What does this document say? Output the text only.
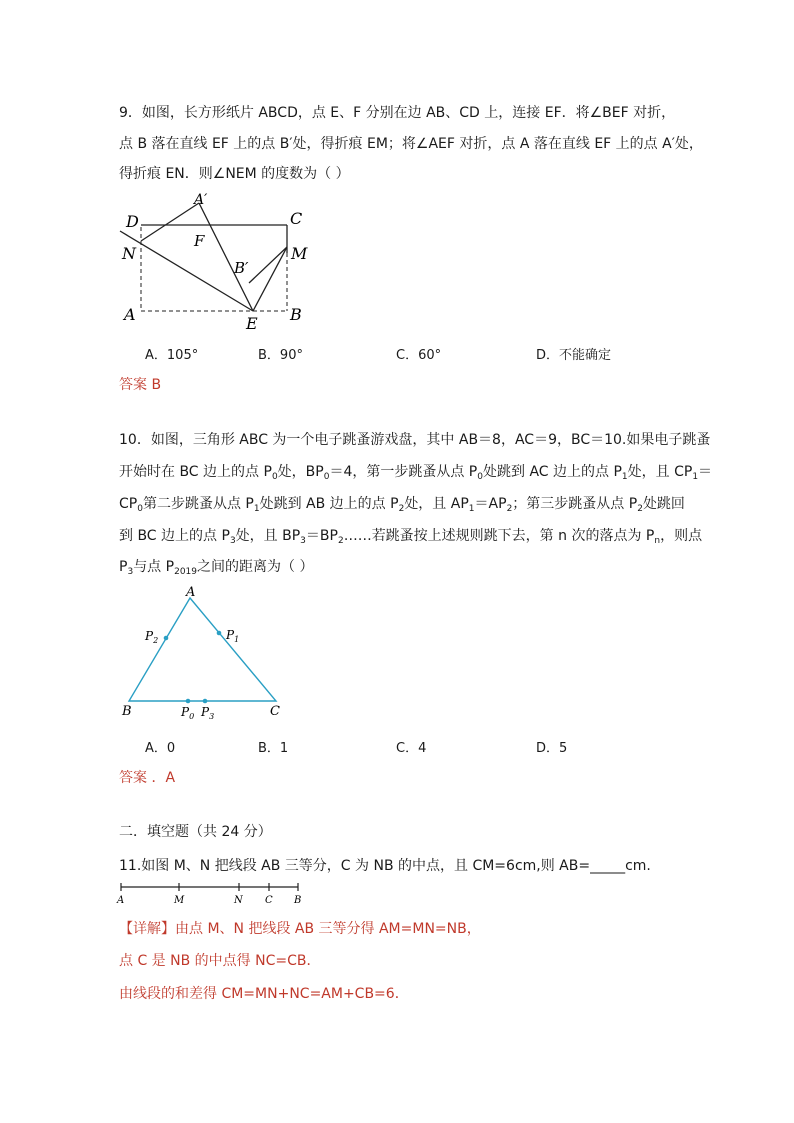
9．如图，长方形纸片 ABCD，点 E、F 分别在边 AB、CD 上，连接 EF．将∠BEF 对折，
点 B 落在直线 EF 上的点 B′处，得折痕 EM；将∠AEF 对折，点 A 落在直线 EF 上的点 A′处，
得折痕 EN．则∠NEM 的度数为（ ）
D
A′
C
F
N
B′
M
A	E B
A．105°	B．90°	C．60°	D．不能确定
答案 B
10．如图，三角形 ABC 为一个电子跳蚤游戏盘，其中 AB＝8，AC＝9，BC＝10.如果电子跳蚤
开始时在 BC 边上的点 $P_0$处，$BP_0=4$，第一步跳蚤从点 $P_0$处跳到 AC 边上的点 $P_1$处，且 $CP_1=$
$CP_0$第二步跳蚤从点 $P_1$处跳到 AB 边上的点 $P_2$处，且 $AP_1=AP_2$；第三步跳蚤从点 $P_2$处跳回
到 BC 边上的点 $P_3$处，且 $BP_3=BP_2\dots\dots$若跳蚤按上述规则跳下去，第 n 次的落点为 $P_n$，则点
$P_3$与点 $P_{2019}$之间的距离为（ ）
A
B	C
$P_2$	$P_1$
$P_0$ $P_3$
A．0	B．1	C．4	D．5
答案 ．A
二．填空题（共 24 分）
11.如图 M、N 把线段 AB 三等分，C 为 NB 的中点，且 CM=6cm,则 AB=_____cm.
A	M	N C B
【详解】由点 M、N 把线段 AB 三等分得 AM=MN=NB，
点 C 是 NB 的中点得 NC=CB．
由线段的和差得 CM=MN+NC=AM+CB=6．
